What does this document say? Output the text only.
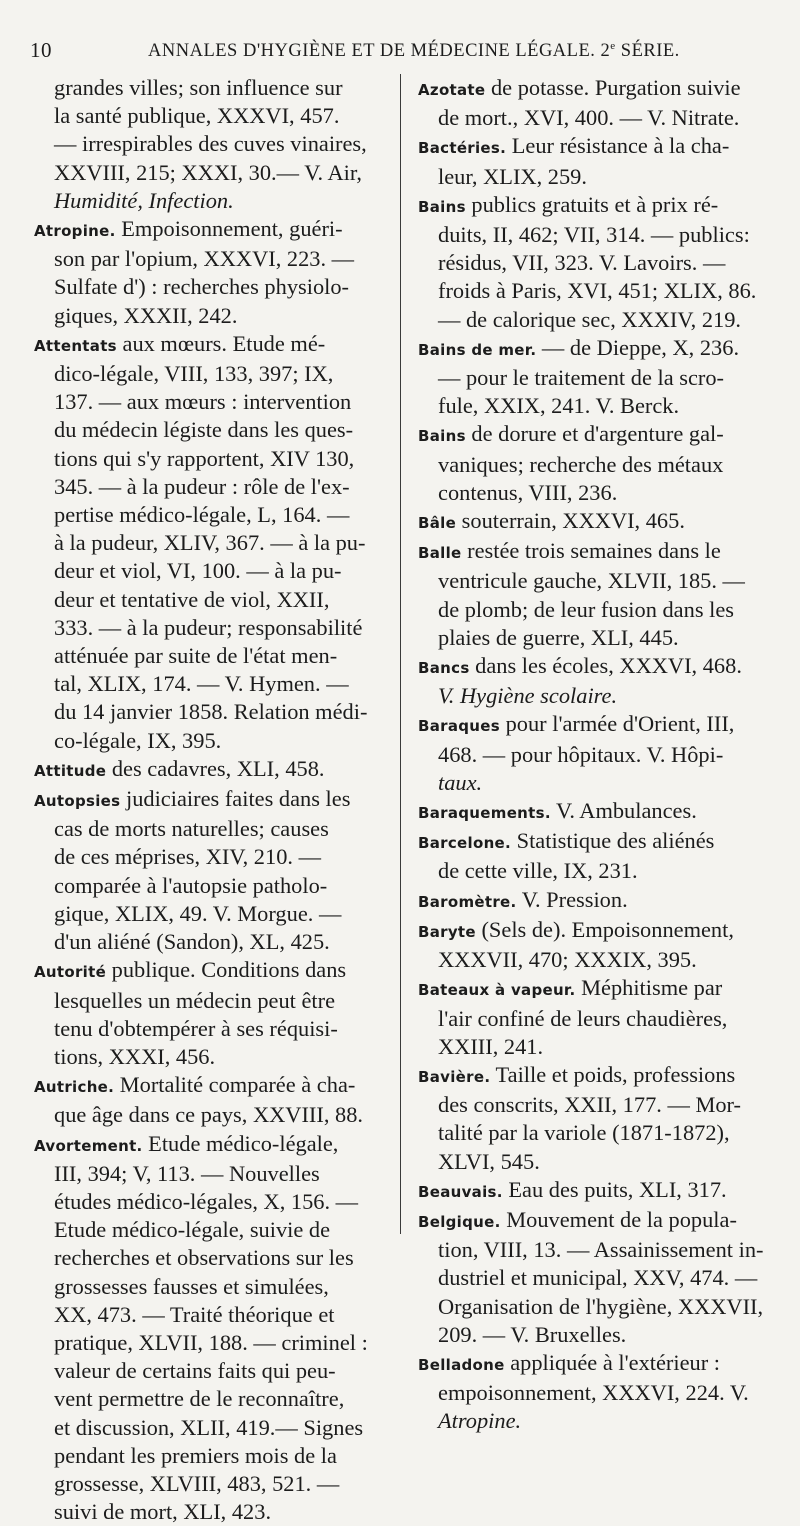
10	ANNALES D'HYGIÈNE ET DE MÉDECINE LÉGALE. 2e SÉRIE.
grandes villes; son influence sur
la santé publique, XXXVI, 457.
— irrespirables des cuves vinaires,
XXVIII, 215; XXXI, 30.— V. Air,
Humidité, Infection.
Atropine. Empoisonnement, guéri-
son par l'opium, XXXVI, 223. —
Sulfate d') : recherches physiolo-
giques, XXXII, 242.
Attentats aux mœurs. Etude mé-
dico-légale, VIII, 133, 397; IX,
137. — aux mœurs : intervention
du médecin légiste dans les ques-
tions qui s'y rapportent, XIV 130,
345. — à la pudeur : rôle de l'ex-
pertise médico-légale, L, 164. —
à la pudeur, XLIV, 367. — à la pu-
deur et viol, VI, 100. — à la pu-
deur et tentative de viol, XXII,
333. — à la pudeur; responsabilité
atténuée par suite de l'état men-
tal, XLIX, 174. — V. Hymen. —
du 14 janvier 1858. Relation médi-
co-légale, IX, 395.
Attitude des cadavres, XLI, 458.
Autopsies judiciaires faites dans les
cas de morts naturelles; causes
de ces méprises, XIV, 210. —
comparée à l'autopsie patholo-
gique, XLIX, 49. V. Morgue. —
d'un aliéné (Sandon), XL, 425.
Autorité publique. Conditions dans
lesquelles un médecin peut être
tenu d'obtempérer à ses réquisi-
tions, XXXI, 456.
Autriche. Mortalité comparée à cha-
que âge dans ce pays, XXVIII, 88.
Avortement. Etude médico-légale,
III, 394; V, 113. — Nouvelles
études médico-légales, X, 156. —
Etude médico-légale, suivie de
recherches et observations sur les
grossesses fausses et simulées,
XX, 473. — Traité théorique et
pratique, XLVII, 188. — criminel :
valeur de certains faits qui peu-
vent permettre de le reconnaître,
et discussion, XLII, 419.— Signes
pendant les premiers mois de la
grossesse, XLVIII, 483, 521. —
suivi de mort, XLI, 423.
Azotate de potasse. Purgation suivie
de mort., XVI, 400. — V. Nitrate.
Bactéries. Leur résistance à la cha-
leur, XLIX, 259.
Bains publics gratuits et à prix ré-
duits, II, 462; VII, 314. — publics:
résidus, VII, 323. V. Lavoirs. —
froids à Paris, XVI, 451; XLIX, 86.
— de calorique sec, XXXIV, 219.
Bains de mer. — de Dieppe, X, 236.
— pour le traitement de la scro-
fule, XXIX, 241. V. Berck.
Bains de dorure et d'argenture gal-
vaniques; recherche des métaux
contenus, VIII, 236.
Bâle souterrain, XXXVI, 465.
Balle restée trois semaines dans le
ventricule gauche, XLVII, 185. —
de plomb; de leur fusion dans les
plaies de guerre, XLI, 445.
Bancs dans les écoles, XXXVI, 468.
V. Hygiène scolaire.
Baraques pour l'armée d'Orient, III,
468. — pour hôpitaux. V. Hôpi-
taux.
Baraquements. V. Ambulances.
Barcelone. Statistique des aliénés
de cette ville, IX, 231.
Baromètre. V. Pression.
Baryte (Sels de). Empoisonnement,
XXXVII, 470; XXXIX, 395.
Bateaux à vapeur. Méphitisme par
l'air confiné de leurs chaudières,
XXIII, 241.
Bavière. Taille et poids, professions
des conscrits, XXII, 177. — Mor-
talité par la variole (1871-1872),
XLVI, 545.
Beauvais. Eau des puits, XLI, 317.
Belgique. Mouvement de la popula-
tion, VIII, 13. — Assainissement in-
dustriel et municipal, XXV, 474. —
Organisation de l'hygiène, XXXVII,
209. — V. Bruxelles.
Belladone appliquée à l'extérieur :
empoisonnement, XXXVI, 224. V.
Atropine.
